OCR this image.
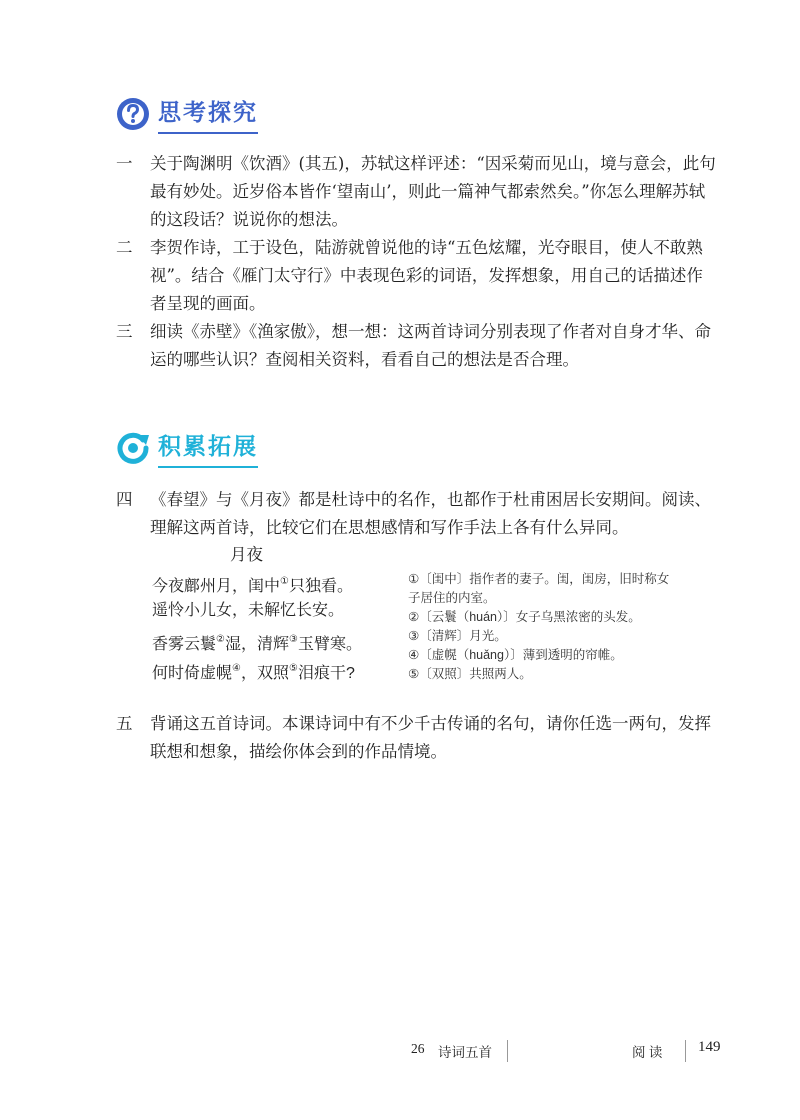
思考探究
一 关于陶渊明《饮酒》(其五)，苏轼这样评述：“因采菊而见山，境与意会，此句最有妙处。近岁俗本皆作‘望南山’，则此一篇神气都索然矣。”你怎么理解苏轼的这段话？说说你的想法。
二 李贺作诗，工于设色，陆游就曾说他的诗“五色炫耀，光夺眼目，使人不敢熟视”。结合《雁门太守行》中表现色彩的词语，发挥想象，用自己的话描述作者呈现的画面。
三 细读《赤壁》《渔家傲》，想一想：这两首诗词分别表现了作者对自身才华、命运的哪些认识？查阅相关资料，看看自己的想法是否合理。
积累拓展
四 《春望》与《月夜》都是杜诗中的名作，也都作于杜甫困居长安期间。阅读、理解这两首诗，比较它们在思想感情和写作手法上各有什么异同。
月夜
今夜鄜州月，闺中①只独看。
遥怜小儿女，未解忆长安。
香雾云鬟②湿，清辉③玉臂寒。
何时倚虚幌④，双照⑤泪痕干?
①〔闺中〕指作者的妻子。闺，闺房，旧时称女子居住的内室。
②〔云鬟（huán）〕女子乌黑浓密的头发。
③〔清辉〕月光。
④〔虚幌（huǎng）〕薄到透明的帘帷。
⑤〔双照〕共照两人。
五 背诵这五首诗词。本课诗词中有不少千古传诵的名句，请你任选一两句，发挥联想和想象，描绘你体会到的作品情境。
26 诗词五首	阅 读 149
